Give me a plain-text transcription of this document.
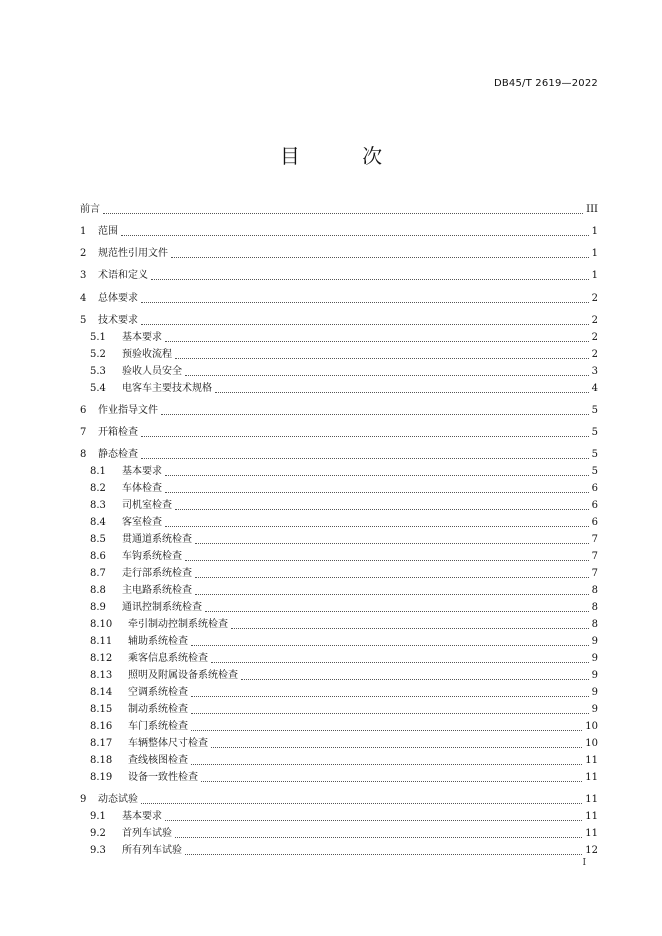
DB45/T 2619—2022
目 次
前言	III
1	范围	1
2	规范性引用文件	1
3	术语和定义	1
4	总体要求	2
5	技术要求	2
5.1	基本要求	2
5.2	预验收流程	2
5.3	验收人员安全	3
5.4	电客车主要技术规格	4
6	作业指导文件	5
7	开箱检查	5
8	静态检查	5
8.1	基本要求	5
8.2	车体检查	6
8.3	司机室检查	6
8.4	客室检查	6
8.5	贯通道系统检查	7
8.6	车钩系统检查	7
8.7	走行部系统检查	7
8.8	主电路系统检查	8
8.9	通讯控制系统检查	8
8.10	牵引制动控制系统检查	8
8.11	辅助系统检查	9
8.12	乘客信息系统检查	9
8.13	照明及附属设备系统检查	9
8.14	空调系统检查	9
8.15	制动系统检查	9
8.16	车门系统检查	10
8.17	车辆整体尺寸检查	10
8.18	查线核图检查	11
8.19	设备一致性检查	11
9	动态试验	11
9.1	基本要求	11
9.2	首列车试验	11
9.3	所有列车试验	12
I
